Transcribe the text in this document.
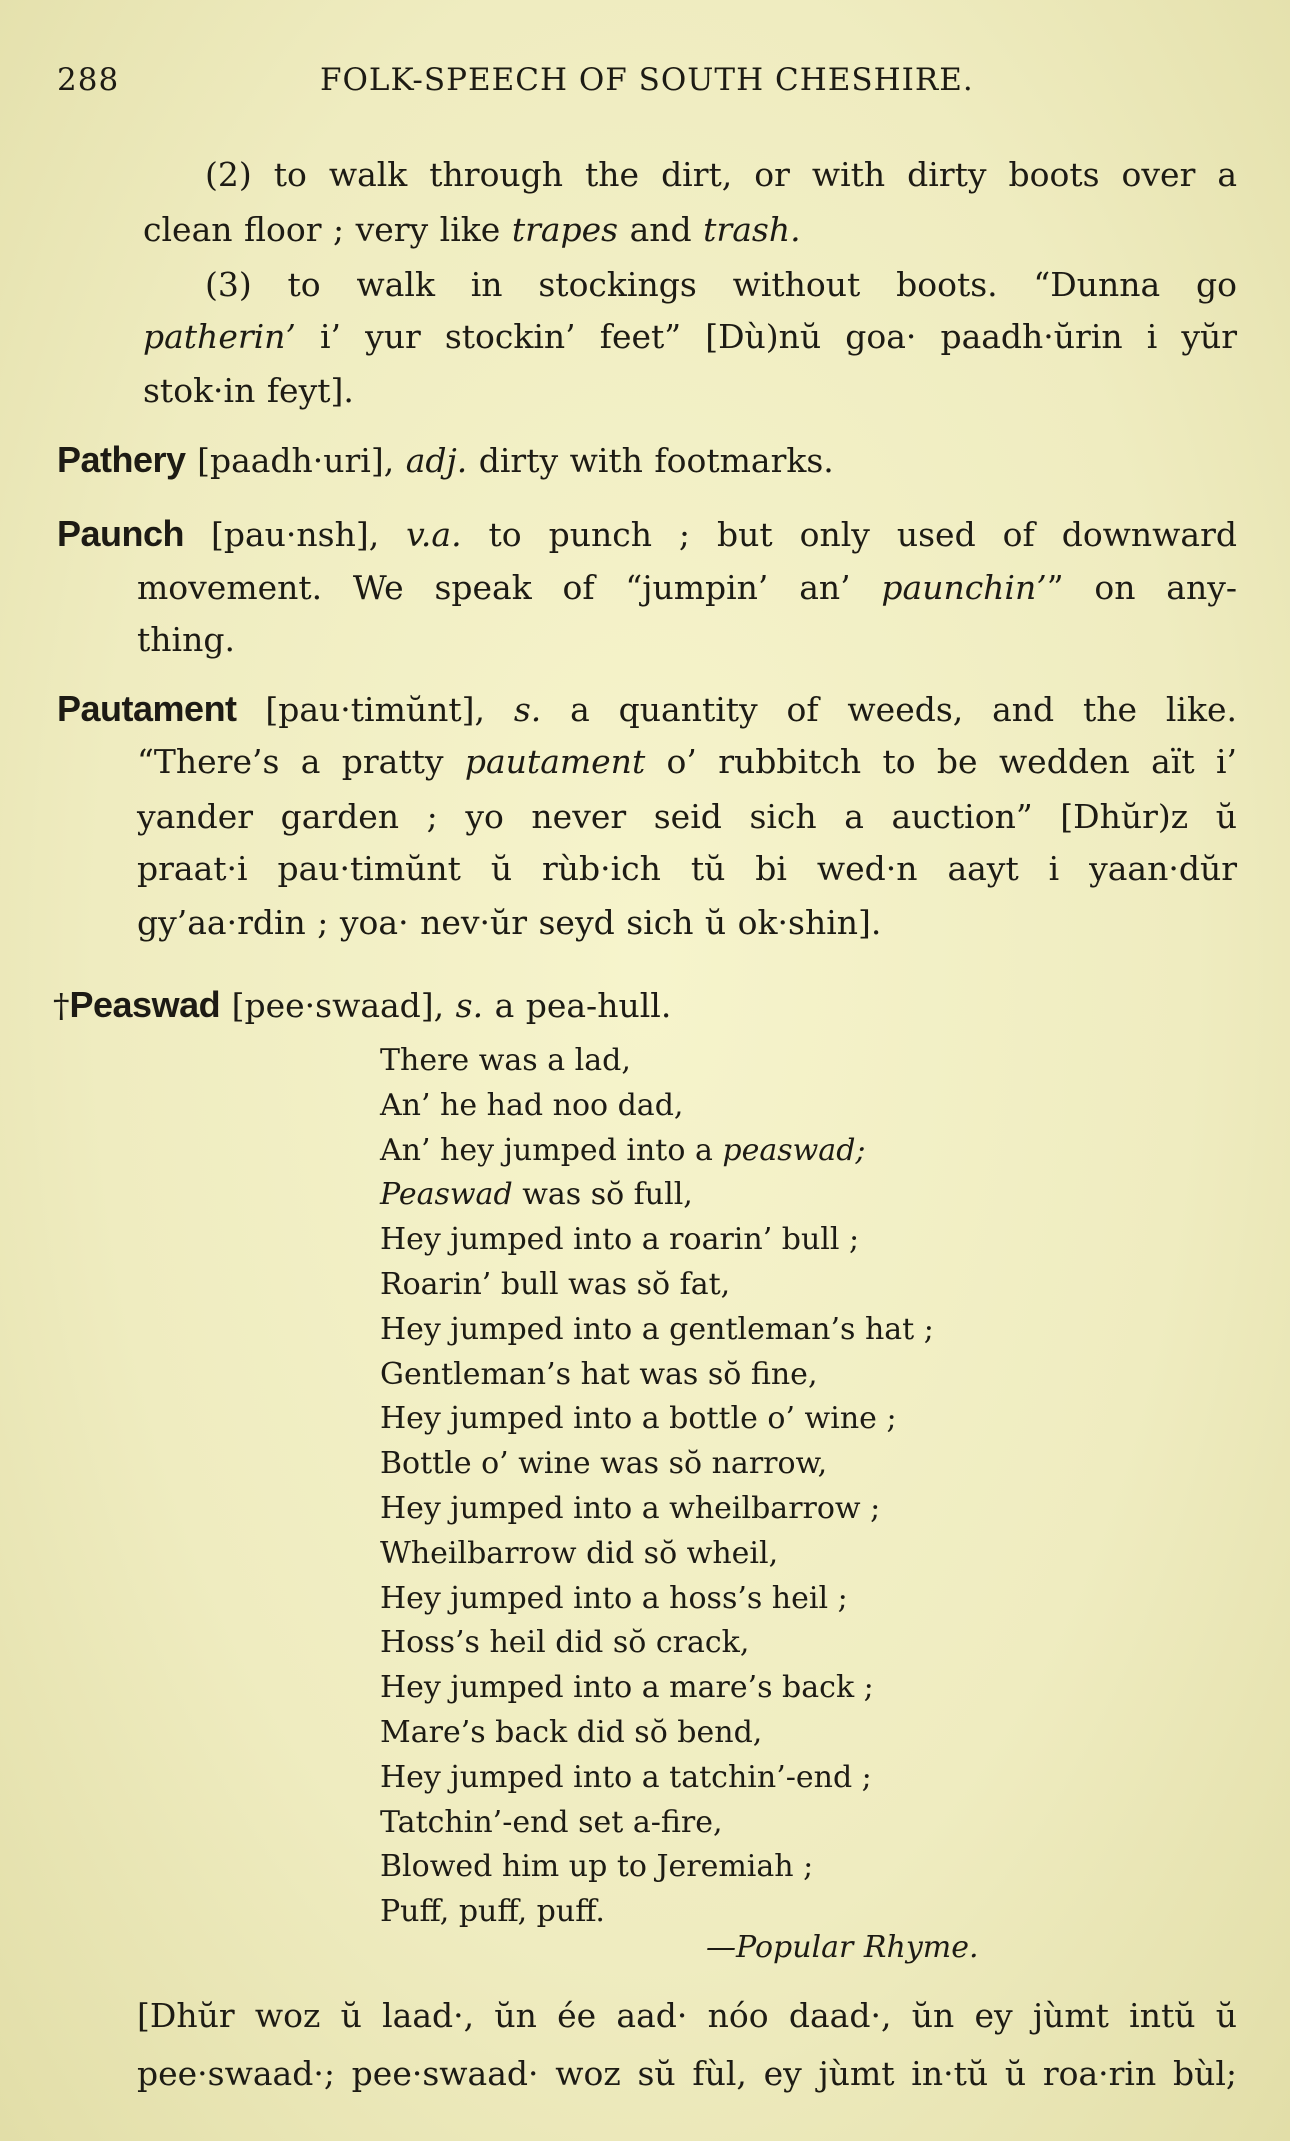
288	FOLK-SPEECH OF SOUTH CHESHIRE.
(2) to walk through the dirt, or with dirty boots over a
clean floor ; very like trapes and trash.
(3) to walk in stockings without boots. “Dunna go
patherin’ i’ yur stockin’ feet” [Dù)nŭ goa· paadh·ŭrin i yŭr
stok·in feyt].
Pathery [paadh·uri], adj. dirty with footmarks.
Paunch [pau·nsh], v.a. to punch ; but only used of downward
movement. We speak of “jumpin’ an’ paunchin’” on any-
thing.
Pautament [pau·timŭnt], s. a quantity of weeds, and the like.
“There’s a pratty pautament o’ rubbitch to be wedden aït i’
yander garden ; yo never seid sich a auction” [Dhŭr)z ŭ
praat·i pau·timŭnt ŭ rùb·ich tŭ bi wed·n aayt i yaan·dŭr
gy’aa·rdin ; yoa· nev·ŭr seyd sich ŭ ok·shin].
†Peaswad [pee·swaad], s. a pea-hull.
There was a lad,
An’ he had noo dad,
An’ hey jumped into a peaswad;
Peaswad was sŏ full,
Hey jumped into a roarin’ bull ;
Roarin’ bull was sŏ fat,
Hey jumped into a gentleman’s hat ;
Gentleman’s hat was sŏ fine,
Hey jumped into a bottle o’ wine ;
Bottle o’ wine was sŏ narrow,
Hey jumped into a wheilbarrow ;
Wheilbarrow did sŏ wheil,
Hey jumped into a hoss’s heil ;
Hoss’s heil did sŏ crack,
Hey jumped into a mare’s back ;
Mare’s back did sŏ bend,
Hey jumped into a tatchin’-end ;
Tatchin’-end set a-fire,
Blowed him up to Jeremiah ;
Puff, puff, puff.
—Popular Rhyme.
[Dhŭr woz ŭ laad·, ŭn ée aad· nóo daad·, ŭn ey jùmt intŭ ŭ
pee·swaad·; pee·swaad· woz sŭ fùl, ey jùmt in·tŭ ŭ roa·rin bùl;
